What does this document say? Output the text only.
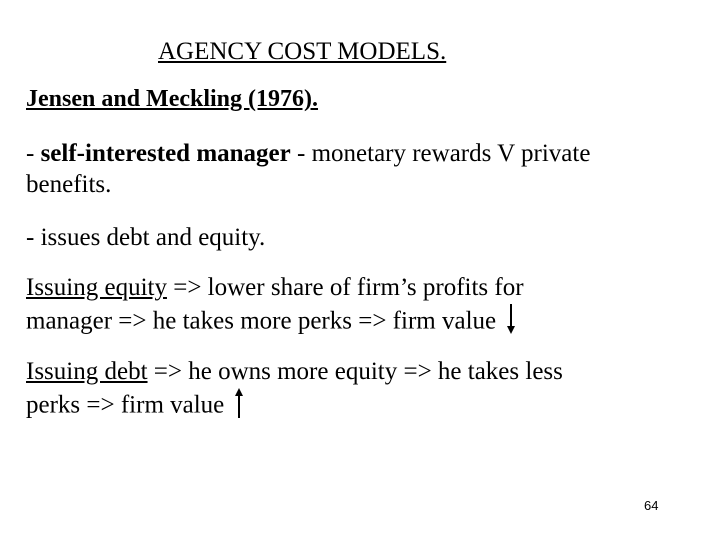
AGENCY COST MODELS.
Jensen and Meckling (1976).
- self-interested manager - monetary rewards V private
benefits.
- issues debt and equity.
Issuing equity => lower share of firm’s profits for
manager => he takes more perks => firm value
Issuing debt => he owns more equity => he takes less
perks => firm value
64
